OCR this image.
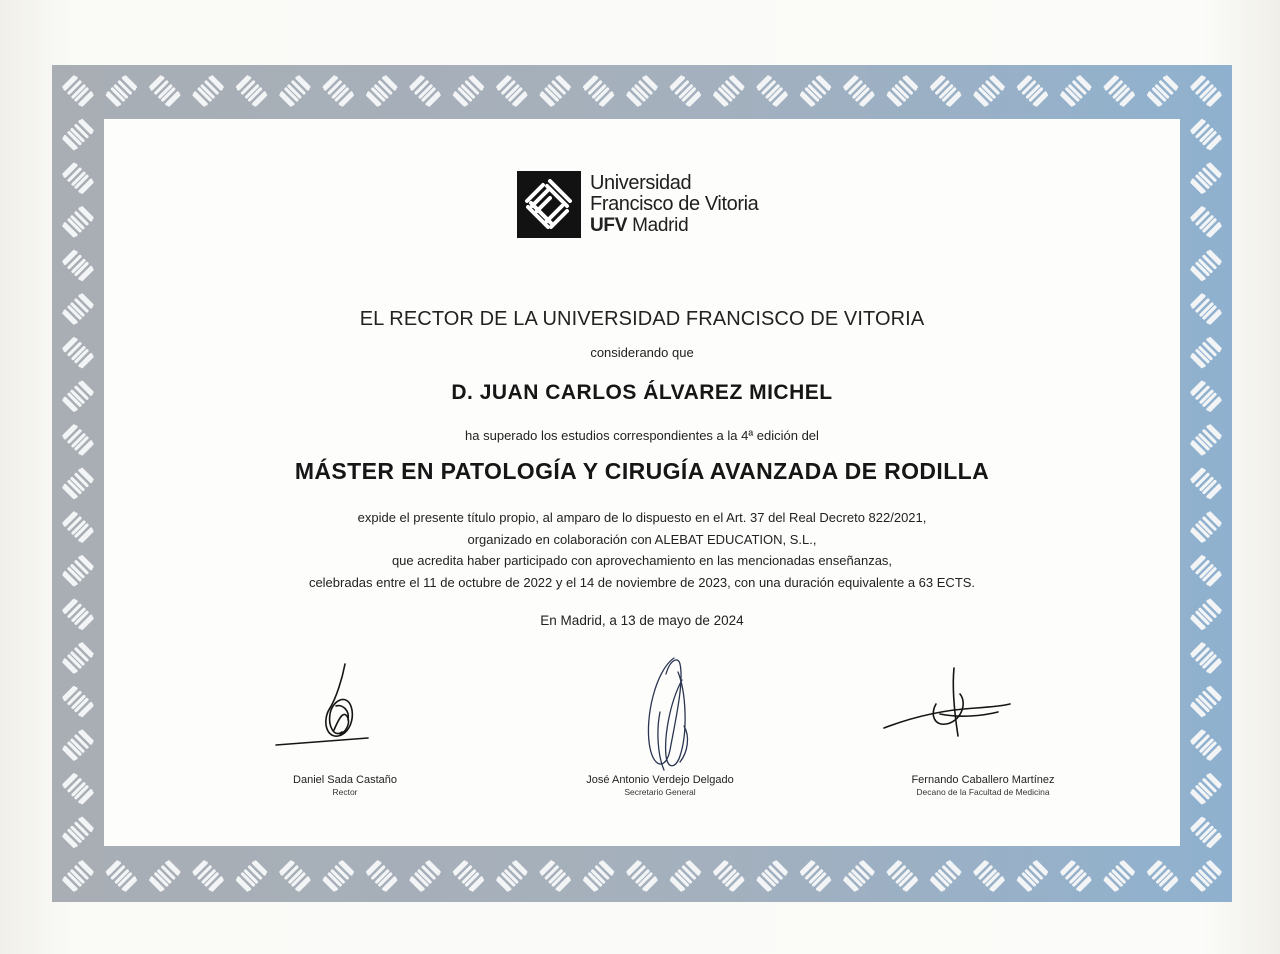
Universidad
Francisco de Vitoria
UFV Madrid
EL RECTOR DE LA UNIVERSIDAD FRANCISCO DE VITORIA
considerando que
D. JUAN CARLOS ÁLVAREZ MICHEL
ha superado los estudios correspondientes a la 4ª edición del
MÁSTER EN PATOLOGÍA Y CIRUGÍA AVANZADA DE RODILLA
expide el presente título propio, al amparo de lo dispuesto en el Art. 37 del Real Decreto 822/2021,
organizado en colaboración con ALEBAT EDUCATION, S.L.,
que acredita haber participado con aprovechamiento en las mencionadas enseñanzas,
celebradas entre el 11 de octubre de 2022 y el 14 de noviembre de 2023, con una duración equivalente a 63 ECTS.
En Madrid, a 13 de mayo de 2024
Daniel Sada Castaño
Rector
José Antonio Verdejo Delgado
Secretario General
Fernando Caballero Martínez
Decano de la Facultad de Medicina
